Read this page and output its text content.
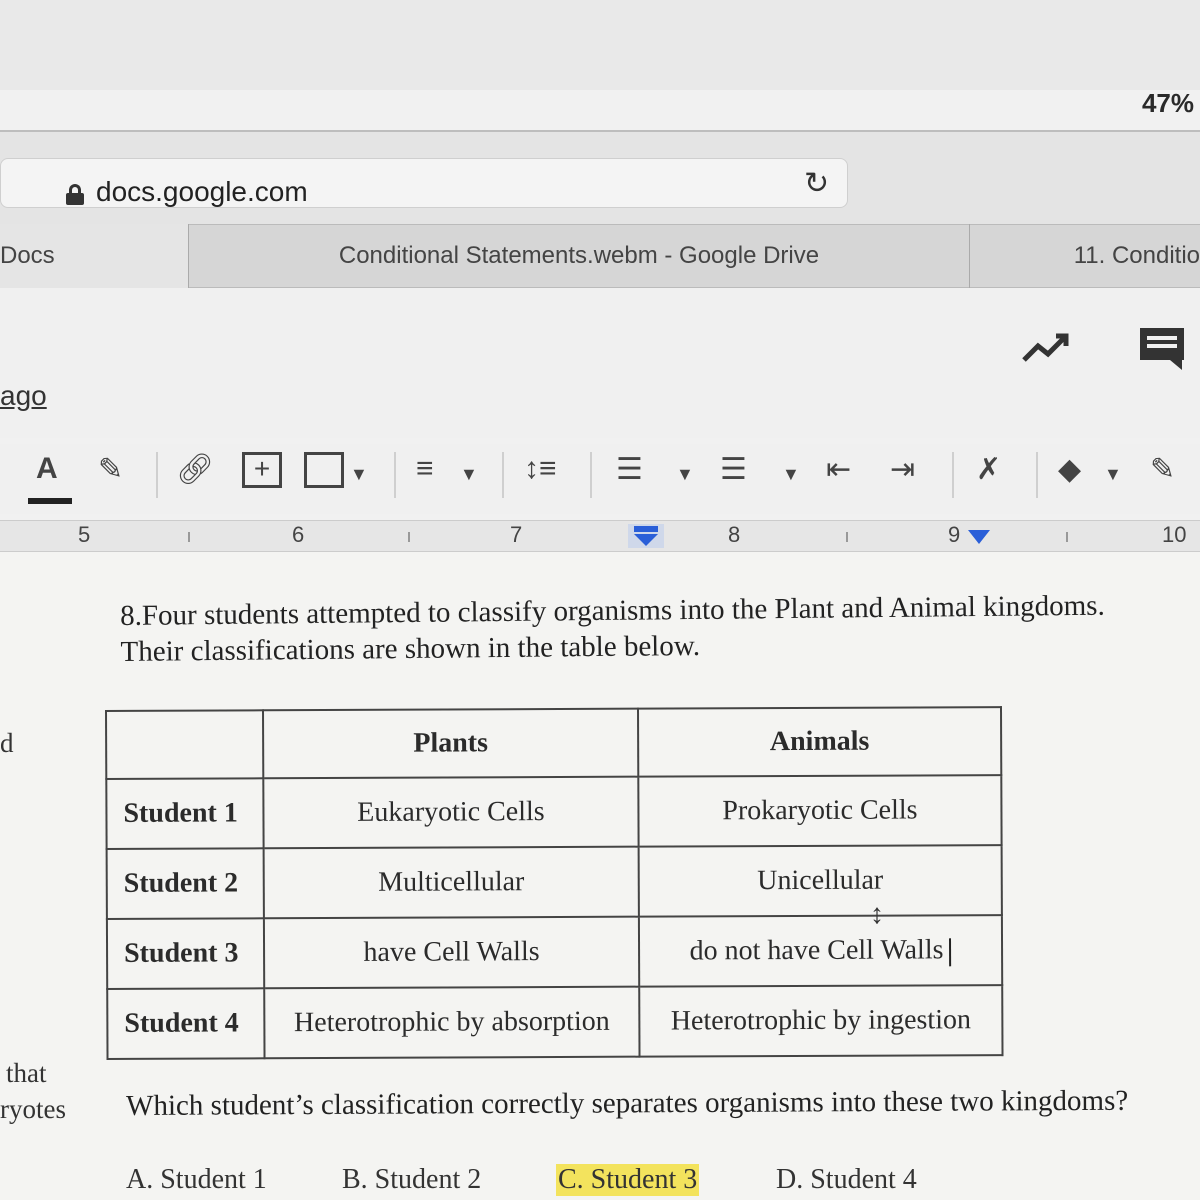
47%
docs.google.com	↻
Docs	Conditional Statements.webm - Google Drive	11. Conditio
ago
A ✎ 🔗︎	+	▼ ≡ ▼ ↕≡ ☰ ▼ ☰ ▼ ⇤ ⇥ ✗ ◆ ▼ ✎
5	6	7	8	9	10
d
that
ryotes
8.Four students attempted to classify organisms into the Plant and Animal kingdoms.
Their classifications are shown in the table below.
	Plants	Animals
Student 1	Eukaryotic Cells	Prokaryotic Cells
Student 2	Multicellular	Unicellular
Student 3	have Cell Walls	do not have Cell Walls
Student 4	Heterotrophic by absorption	Heterotrophic by ingestion
↕
Which student’s classification correctly separates organisms into these two kingdoms?
A. Student 1	B. Student 2	C. Student 3	D. Student 4
